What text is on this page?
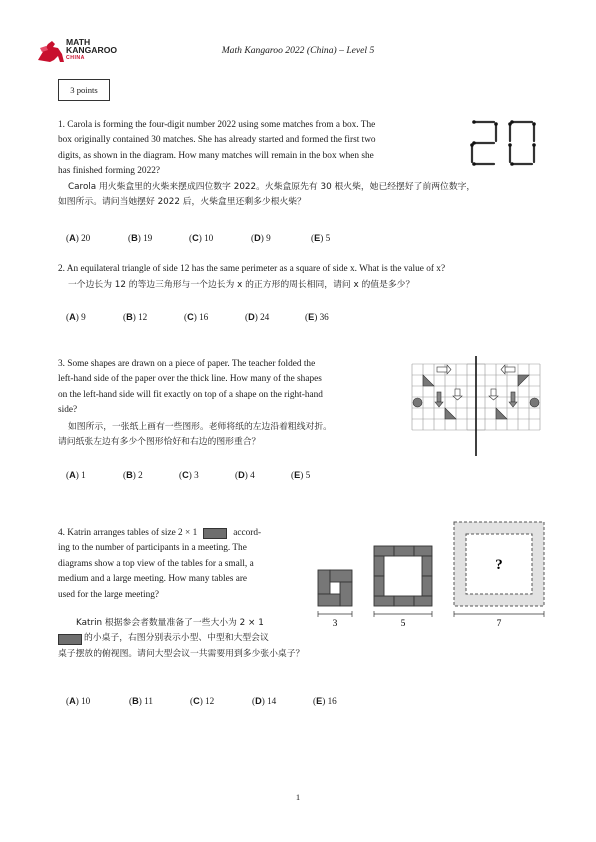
MATH
KANGAROO
CHINA
Math Kangaroo 2022 (China) – Level 5
3 points
1. Carola is forming the four-digit number 2022 using some matches from a box. The
box originally contained 30 matches. She has already started and formed the first two
digits, as shown in the diagram. How many matches will remain in the box when she
has finished forming 2022?
Carola 用火柴盒里的火柴来摆成四位数字 2022。火柴盒原先有 30 根火柴，她已经摆好了前两位数字，
如图所示。请问当她摆好 2022 后，火柴盒里还剩多少根火柴？
(A) 20	(B) 19	(C) 10	(D) 9	(E) 5
2. An equilateral triangle of side 12 has the same perimeter as a square of side x. What is the value of x?
一个边长为 12 的等边三角形与一个边长为 x 的正方形的周长相同，请问 x 的值是多少？
(A) 9	(B) 12	(C) 16	(D) 24	(E) 36
3. Some shapes are drawn on a piece of paper. The teacher folded the
left-hand side of the paper over the thick line. How many of the shapes
on the left-hand side will fit exactly on top of a shape on the right-hand
side?
如图所示，一张纸上画有一些图形。老师将纸的左边沿着粗线对折。
请问纸张左边有多少个图形恰好和右边的图形重合？
(A) 1	(B) 2	(C) 3	(D) 4	(E) 5
4. Katrin arranges tables of size 2 × 1	accord-
ing to the number of participants in a meeting. The
diagrams show a top view of the tables for a small, a
medium and a large meeting. How many tables are
used for the large meeting?
Katrin 根据参会者数量准备了一些大小为 2 × 1
的小桌子，右图分别表示小型、中型和大型会议
桌子摆放的俯视图。请问大型会议一共需要用到多少张小桌子？
?
3	5	7
(A) 10	(B) 11	(C) 12	(D) 14	(E) 16
1
